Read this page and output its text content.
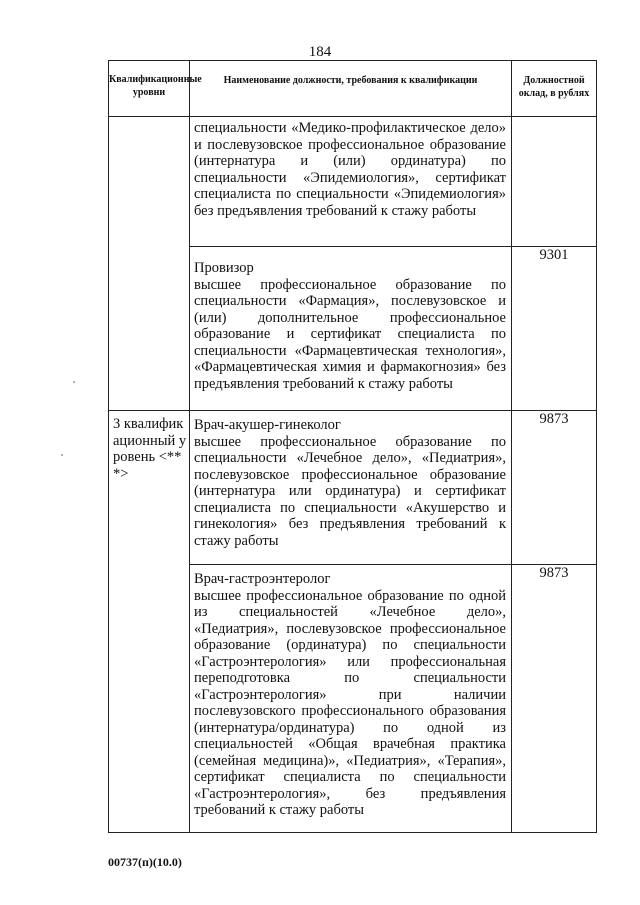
184
Квалификационные уровни	Наименование должности, требования к квалификации	Должностной оклад, в рублях

	специальности «Медико-профилактическое дело» и послевузовское профессиональное образование (интернатура и (или) ординатура) по специальности «Эпидемиология», сертификат специалиста по специальности «Эпидемиология» без предъявления требований к стажу работы	

	Провизор
высшее профессиональное образование по специальности «Фармация», послевузовское и (или) дополнительное профессиональное образование и сертификат специалиста по специальности «Фармацевтическая технология», «Фармацевтическая химия и фармакогнозия» без предъявления требований к стажу работы	9301

3 квалификационный уровень <***>	Врач-акушер-гинеколог
высшее профессиональное образование по специальности «Лечебное дело», «Педиатрия», послевузовское профессиональное образование (интернатура или ординатура) и сертификат специалиста по специальности «Акушерство и гинекология» без предъявления требований к стажу работы	9873

	Врач-гастроэнтеролог
высшее профессиональное образование по одной из специальностей «Лечебное дело», «Педиатрия», послевузовское профессиональное образование (ординатура) по специальности «Гастроэнтерология» или профессиональная переподготовка по специальности «Гастроэнтерология» при наличии послевузовского профессионального образования (интернатура/ординатура) по одной из специальностей «Общая врачебная практика (семейная медицина)», «Педиатрия», «Терапия», сертификат специалиста по специальности «Гастроэнтерология», без предъявления требований к стажу работы	9873
00737(п)(10.0)
